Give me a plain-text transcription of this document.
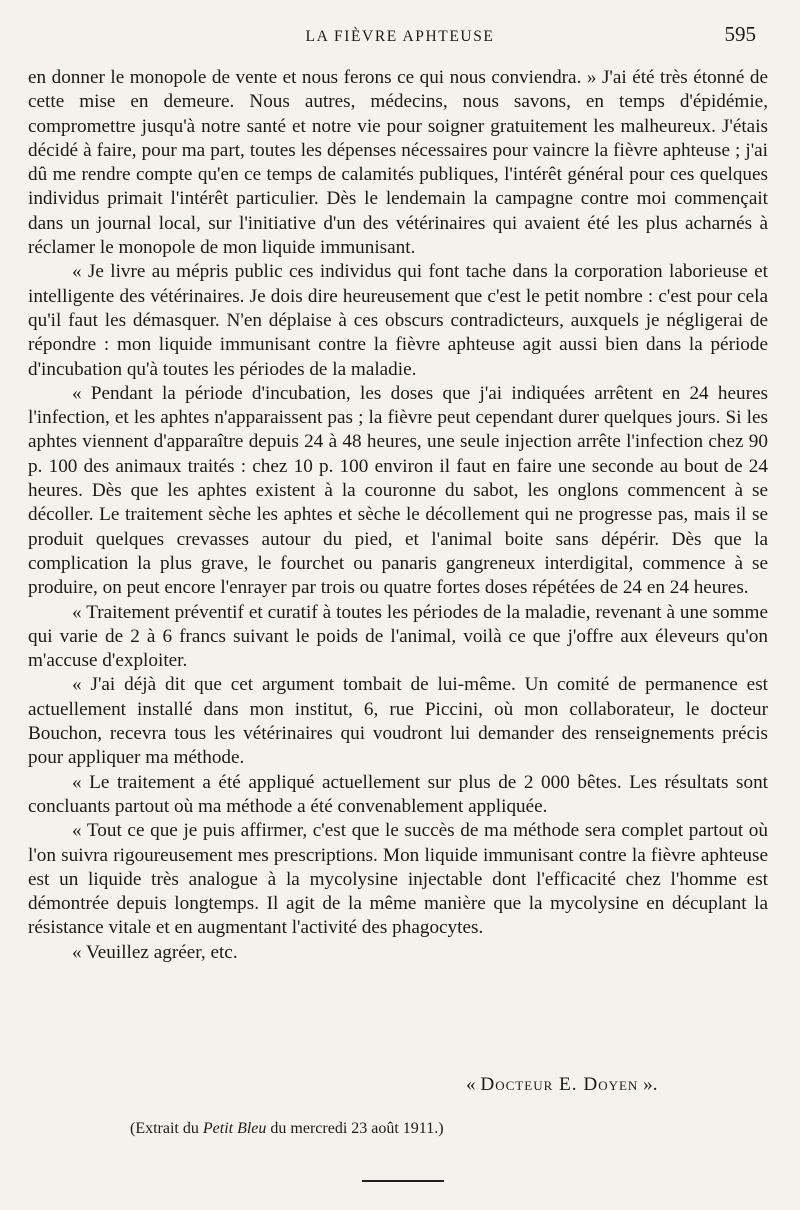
LA FIÈVRE APHTEUSE	595

en donner le monopole de vente et nous ferons ce qui nous conviendra. » J'ai été très étonné de cette mise en demeure. Nous autres, médecins, nous savons, en temps d'épidémie, compromettre jusqu'à notre santé et notre vie pour soigner gratuitement les malheureux. J'étais décidé à faire, pour ma part, toutes les dépenses nécessaires pour vaincre la fièvre aphteuse ; j'ai dû me rendre compte qu'en ce temps de calamités publiques, l'intérêt général pour ces quelques individus primait l'intérêt particulier. Dès le lendemain la campagne contre moi commençait dans un journal local, sur l'initiative d'un des vétérinaires qui avaient été les plus acharnés à réclamer le monopole de mon liquide immunisant.

« Je livre au mépris public ces individus qui font tache dans la corporation laborieuse et intelligente des vétérinaires. Je dois dire heureusement que c'est le petit nombre : c'est pour cela qu'il faut les démasquer. N'en déplaise à ces obscurs contradicteurs, auxquels je négligerai de répondre : mon liquide immunisant contre la fièvre aphteuse agit aussi bien dans la période d'incubation qu'à toutes les périodes de la maladie.

« Pendant la période d'incubation, les doses que j'ai indiquées arrêtent en 24 heures l'infection, et les aphtes n'apparaissent pas ; la fièvre peut cependant durer quelques jours. Si les aphtes viennent d'apparaître depuis 24 à 48 heures, une seule injection arrête l'infection chez 90 p. 100 des animaux traités : chez 10 p. 100 environ il faut en faire une seconde au bout de 24 heures. Dès que les aphtes existent à la couronne du sabot, les onglons commencent à se décoller. Le traitement sèche les aphtes et sèche le décollement qui ne progresse pas, mais il se produit quelques crevasses autour du pied, et l'animal boite sans dépérir. Dès que la complication la plus grave, le fourchet ou panaris gangreneux interdigital, commence à se produire, on peut encore l'enrayer par trois ou quatre fortes doses répétées de 24 en 24 heures.

« Traitement préventif et curatif à toutes les périodes de la maladie, revenant à une somme qui varie de 2 à 6 francs suivant le poids de l'animal, voilà ce que j'offre aux éleveurs qu'on m'accuse d'exploiter.

« J'ai déjà dit que cet argument tombait de lui-même. Un comité de permanence est actuellement installé dans mon institut, 6, rue Piccini, où mon collaborateur, le docteur Bouchon, recevra tous les vétérinaires qui voudront lui demander des renseignements précis pour appliquer ma méthode.

« Le traitement a été appliqué actuellement sur plus de 2 000 bêtes. Les résultats sont concluants partout où ma méthode a été convenablement appliquée.

« Tout ce que je puis affirmer, c'est que le succès de ma méthode sera complet partout où l'on suivra rigoureusement mes prescriptions. Mon liquide immunisant contre la fièvre aphteuse est un liquide très analogue à la mycolysine injectable dont l'efficacité chez l'homme est démontrée depuis longtemps. Il agit de la même manière que la mycolysine en décuplant la résistance vitale et en augmentant l'activité des phagocytes.

« Veuillez agréer, etc.

« Docteur E. Doyen ».
(Extrait du Petit Bleu du mercredi 23 août 1911.)
